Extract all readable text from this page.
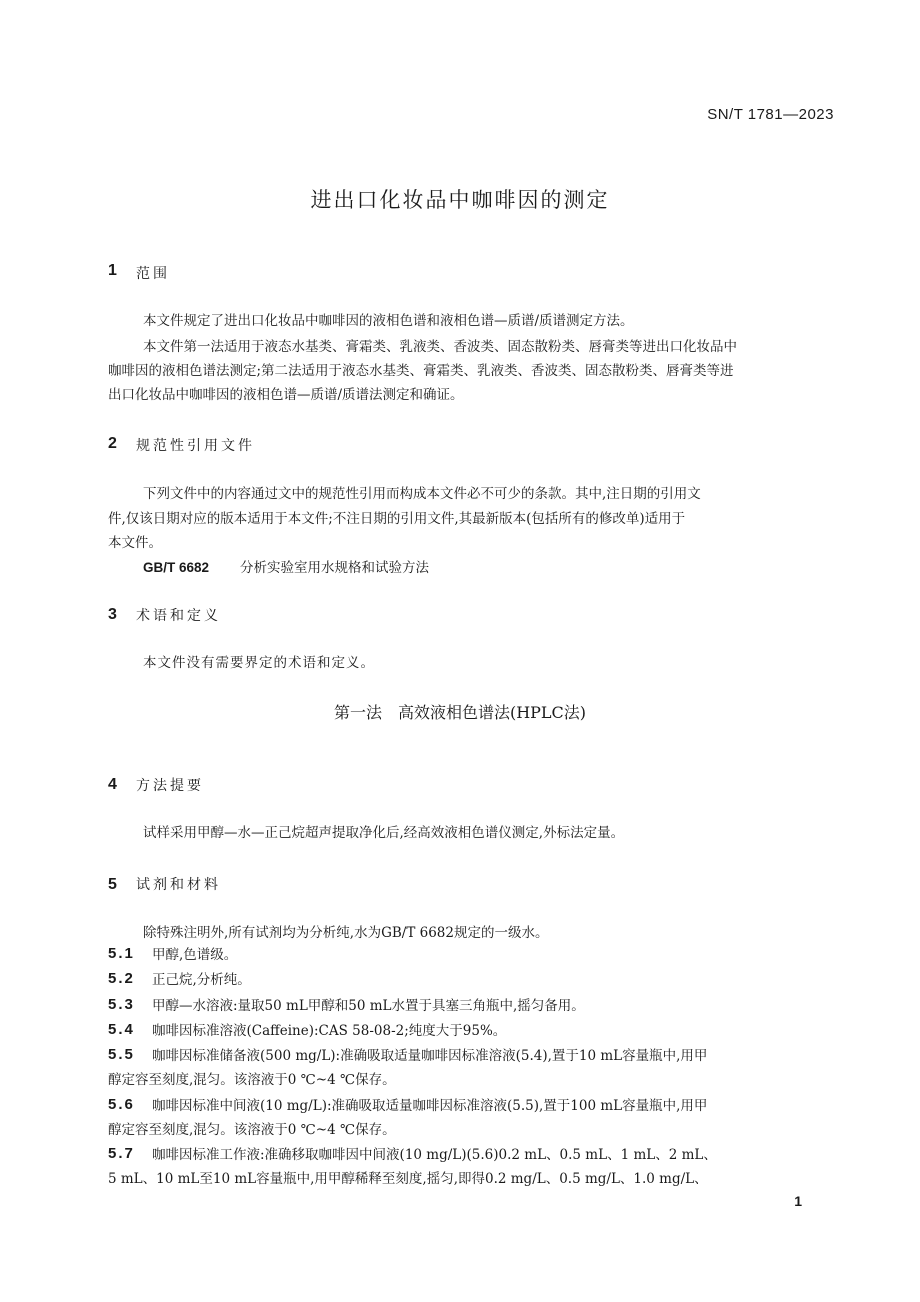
SN/T 1781—2023
进出口化妆品中咖啡因的测定
1 范围
本文件规定了进出口化妆品中咖啡因的液相色谱和液相色谱—质谱/质谱测定方法。
本文件第一法适用于液态水基类、膏霜类、乳液类、香波类、固态散粉类、唇膏类等进出口化妆品中
咖啡因的液相色谱法测定;第二法适用于液态水基类、膏霜类、乳液类、香波类、固态散粉类、唇膏类等进
出口化妆品中咖啡因的液相色谱—质谱/质谱法测定和确证。
2 规范性引用文件
下列文件中的内容通过文中的规范性引用而构成本文件必不可少的条款。其中,注日期的引用文
件,仅该日期对应的版本适用于本文件;不注日期的引用文件,其最新版本(包括所有的修改单)适用于
本文件。
GB/T 6682 分析实验室用水规格和试验方法
3 术语和定义
本文件没有需要界定的术语和定义。
第一法　高效液相色谱法(HPLC法)
4 方法提要
试样采用甲醇—水—正己烷超声提取净化后,经高效液相色谱仪测定,外标法定量。
5 试剂和材料
除特殊注明外,所有试剂均为分析纯,水为GB/T 6682规定的一级水。
5.1 甲醇,色谱级。
5.2 正己烷,分析纯。
5.3 甲醇—水溶液:量取50 mL甲醇和50 mL水置于具塞三角瓶中,摇匀备用。
5.4 咖啡因标准溶液(Caffeine):CAS 58-08-2;纯度大于95%。
5.5 咖啡因标准储备液(500 mg/L):准确吸取适量咖啡因标准溶液(5.4),置于10 mL容量瓶中,用甲
醇定容至刻度,混匀。该溶液于0 ℃~4 ℃保存。
5.6 咖啡因标准中间液(10 mg/L):准确吸取适量咖啡因标准溶液(5.5),置于100 mL容量瓶中,用甲
醇定容至刻度,混匀。该溶液于0 ℃~4 ℃保存。
5.7 咖啡因标准工作液:准确移取咖啡因中间液(10 mg/L)(5.6)0.2 mL、0.5 mL、1 mL、2 mL、
5 mL、10 mL至10 mL容量瓶中,用甲醇稀释至刻度,摇匀,即得0.2 mg/L、0.5 mg/L、1.0 mg/L、
1
